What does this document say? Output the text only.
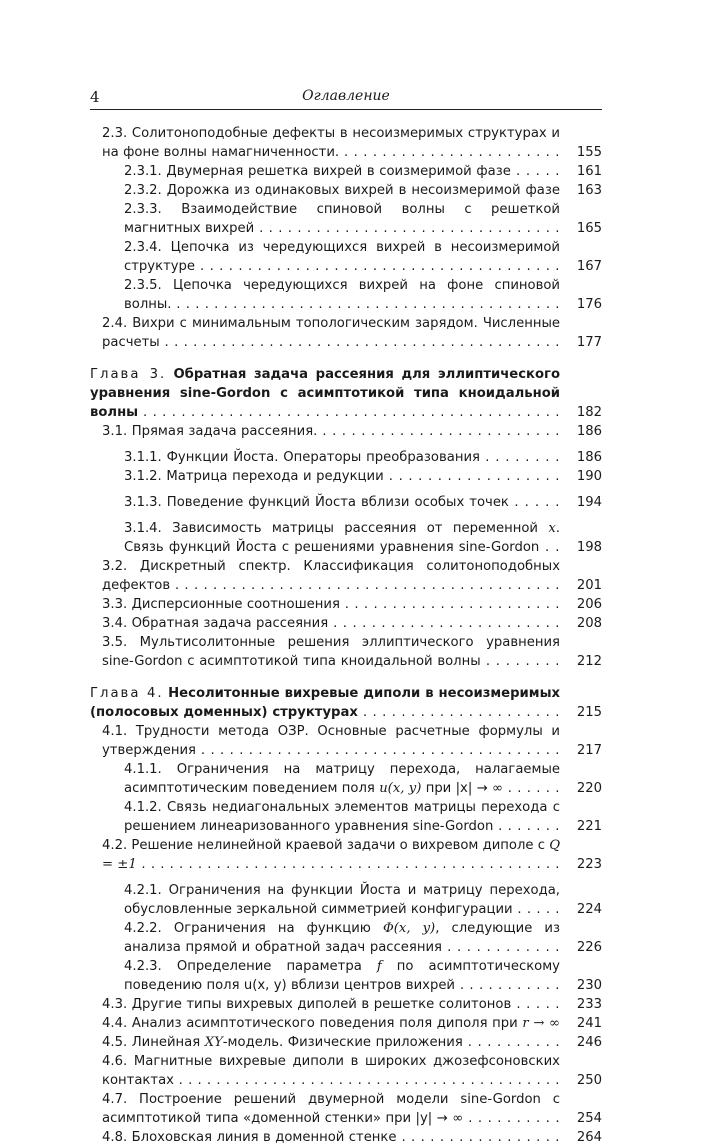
4	Оглавление
2.3. Солитоноподобные дефекты в несоизмеримых структурах и на фоне волны намагниченности. . . .	155
2.3.1. Двумерная решетка вихрей в соизмеримой фазе . . .	161
2.3.2. Дорожка из одинаковых вихрей в несоизмеримой фазе . . .	163
2.3.3. Взаимодействие спиновой волны с решеткой магнитных вихрей . . .	165
2.3.4. Цепочка из чередующихся вихрей в несоизмеримой структуре . . .	167
2.3.5. Цепочка чередующихся вихрей на фоне спиновой волны. . . .	176
2.4. Вихри с минимальным топологическим зарядом. Численные расчеты . . .	177
Глава 3. Обратная задача рассеяния для эллиптического уравнения sine-Gordon с асимптотикой типа кноидальной волны . . .	182
3.1. Прямая задача рассеяния. . . .	186
3.1.1. Функции Йоста. Операторы преобразования . . .	186
3.1.2. Матрица перехода и редукции . . .	190
3.1.3. Поведение функций Йоста вблизи особых точек . . .	194
3.1.4. Зависимость матрицы рассеяния от переменной x. Связь функций Йоста с решениями уравнения sine-Gordon . . .	198
3.2. Дискретный спектр. Классификация солитоноподобных дефектов . . .	201
3.3. Дисперсионные соотношения . . .	206
3.4. Обратная задача рассеяния . . .	208
3.5. Мультисолитонные решения эллиптического уравнения sine-Gordon с асимптотикой типа кноидальной волны . . .	212
Глава 4. Несолитонные вихревые диполи в несоизмеримых (полосовых доменных) структурах . . .	215
4.1. Трудности метода ОЗР. Основные расчетные формулы и утверждения . . .	217
4.1.1. Ограничения на матрицу перехода, налагаемые асимптотическим поведением поля u(x, y) при |x| → ∞ . . .	220
4.1.2. Связь недиагональных элементов матрицы перехода с решением линеаризованного уравнения sine-Gordon . . .	221
4.2. Решение нелинейной краевой задачи о вихревом диполе с Q = ±1 . . .	223
4.2.1. Ограничения на функции Йоста и матрицу перехода, обусловленные зеркальной симметрией конфигурации . . .	224
4.2.2. Ограничения на функцию Φ(x, y), следующие из анализа прямой и обратной задач рассеяния . . .	226
4.2.3. Определение параметра f по асимптотическому поведению поля u(x, y) вблизи центров вихрей . . .	230
4.3. Другие типы вихревых диполей в решетке солитонов . . .	233
4.4. Анализ асимптотического поведения поля диполя при r → ∞ . . .	241
4.5. Линейная XY-модель. Физические приложения . . .	246
4.6. Магнитные вихревые диполи в широких джозефсоновских контактах . . .	250
4.7. Построение решений двумерной модели sine-Gordon с асимптотикой типа «доменной стенки» при |y| → ∞ . . .	254
4.8. Блоховская линия в доменной стенке . . .	264
